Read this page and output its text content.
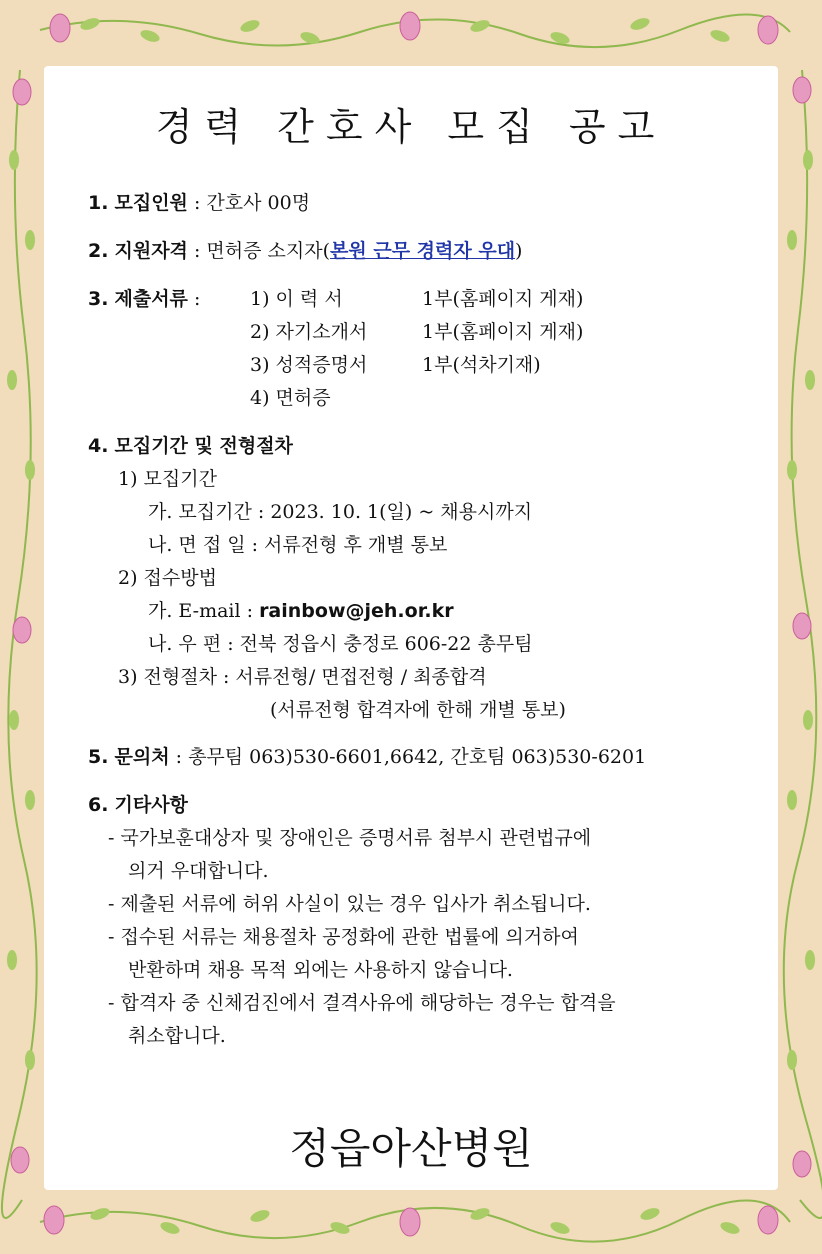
경력 간호사 모집 공고
1. 모집인원 : 간호사 00명
2. 지원자격 : 면허증 소지자(본원 근무 경력자 우대)
3. 제출서류 :	1) 이 력 서	1부(홈페이지 게재)
2) 자기소개서	1부(홈페이지 게재)
3) 성적증명서	1부(석차기재)
4) 면허증
4. 모집기간 및 전형절차
1) 모집기간
가. 모집기간 : 2023. 10. 1(일) ~ 채용시까지
나. 면 접 일 : 서류전형 후 개별 통보
2) 접수방법
가. E-mail : rainbow@jeh.or.kr
나. 우 편 : 전북 정읍시 충정로 606-22 총무팀
3) 전형절차 : 서류전형/ 면접전형 / 최종합격
(서류전형 합격자에 한해 개별 통보)
5. 문의처 : 총무팀 063)530-6601,6642, 간호팀 063)530-6201
6. 기타사항
- 국가보훈대상자 및 장애인은 증명서류 첨부시 관련법규에
의거 우대합니다.
- 제출된 서류에 허위 사실이 있는 경우 입사가 취소됩니다.
- 접수된 서류는 채용절차 공정화에 관한 법률에 의거하여
반환하며 채용 목적 외에는 사용하지 않습니다.
- 합격자 중 신체검진에서 결격사유에 해당하는 경우는 합격을
취소합니다.
정읍아산병원
